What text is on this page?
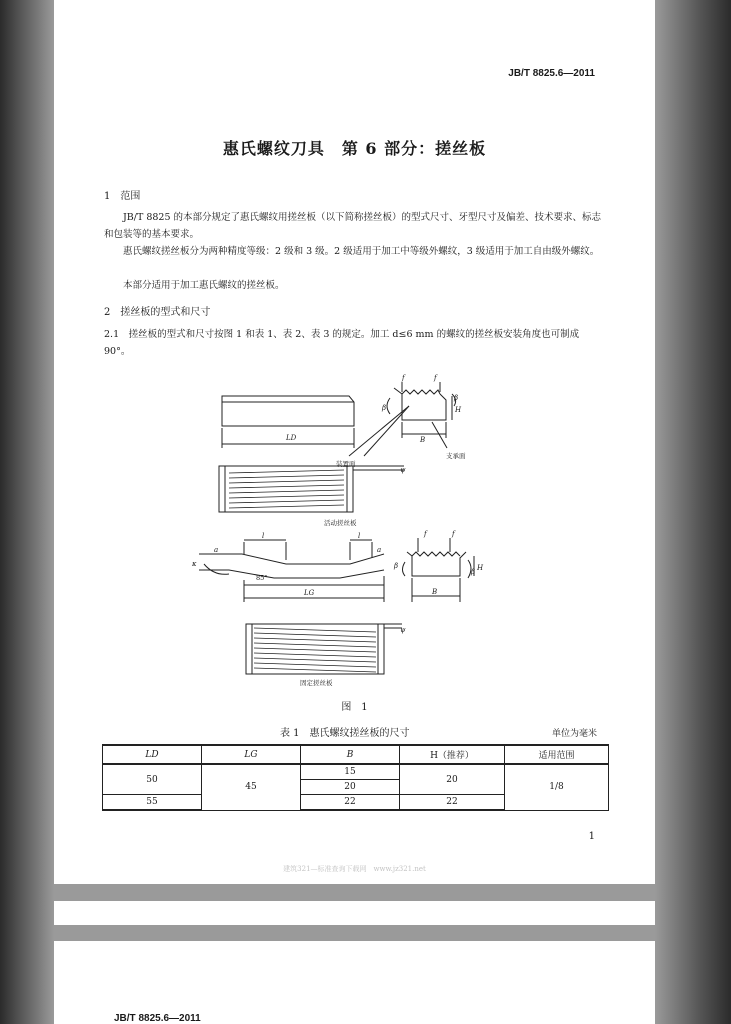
JB/T 8825.6—2011
惠氏螺纹刀具　第 6 部分：搓丝板
1　范围
JB/T 8825 的本部分规定了惠氏螺纹用搓丝板（以下简称搓丝板）的型式尺寸、牙型尺寸及偏差、技术要求、标志和包装等的基本要求。
惠氏螺纹搓丝板分为两种精度等级：2 级和 3 级。2 级适用于加工中等级外螺纹，3 级适用于加工自由级外螺纹。
本部分适用于加工惠氏螺纹的搓丝板。
2　搓丝板的型式和尺寸
2.1　搓丝板的型式和尺寸按图 1 和表 1、表 2、表 3 的规定。加工 d≤6 mm 的螺纹的搓丝板安装角度也可制成 90°。
LD
f	f
β
β
H
B
ψ
l	l
κ
a	a
LG
f	f
β
β H
B
ψ
85°
装置面
支承面
活动搓丝板
固定搓丝板
图　1
表 1　惠氏螺纹搓丝板的尺寸	单位为毫米
LD	LG	B	H（推荐）	适用范围
50	45	15	20	1/8
		20		
55		22	22	
1
建筑321—标准查询下载网　www.jz321.net
JB/T 8825.6—2011
